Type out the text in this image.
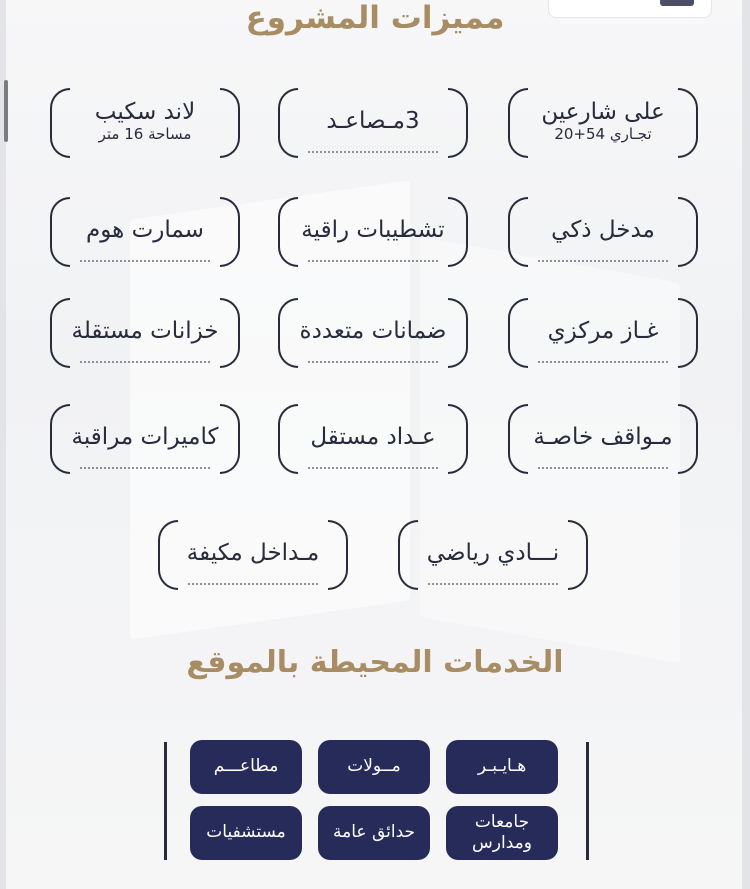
مميزات المشروع
على شارعين
تجـاري 54+20
3مـصاعـد
لاند سكيب
مساحة 16 متر
مدخل ذكي
تشطيبات راقية
سمارت هوم
غـاز مركزي
ضمانات متعددة
خزانات مستقلة
مـواقف خاصـة
عـداد مستقل
كاميرات مراقبة
نـــادي رياضي
مـداخل مكيفة
الخدمات المحيطة بالموقع
هـايـبـر
مــولات
مطاعـــم
جامعات ومدارس
حدائق عامة
مستشفيات
